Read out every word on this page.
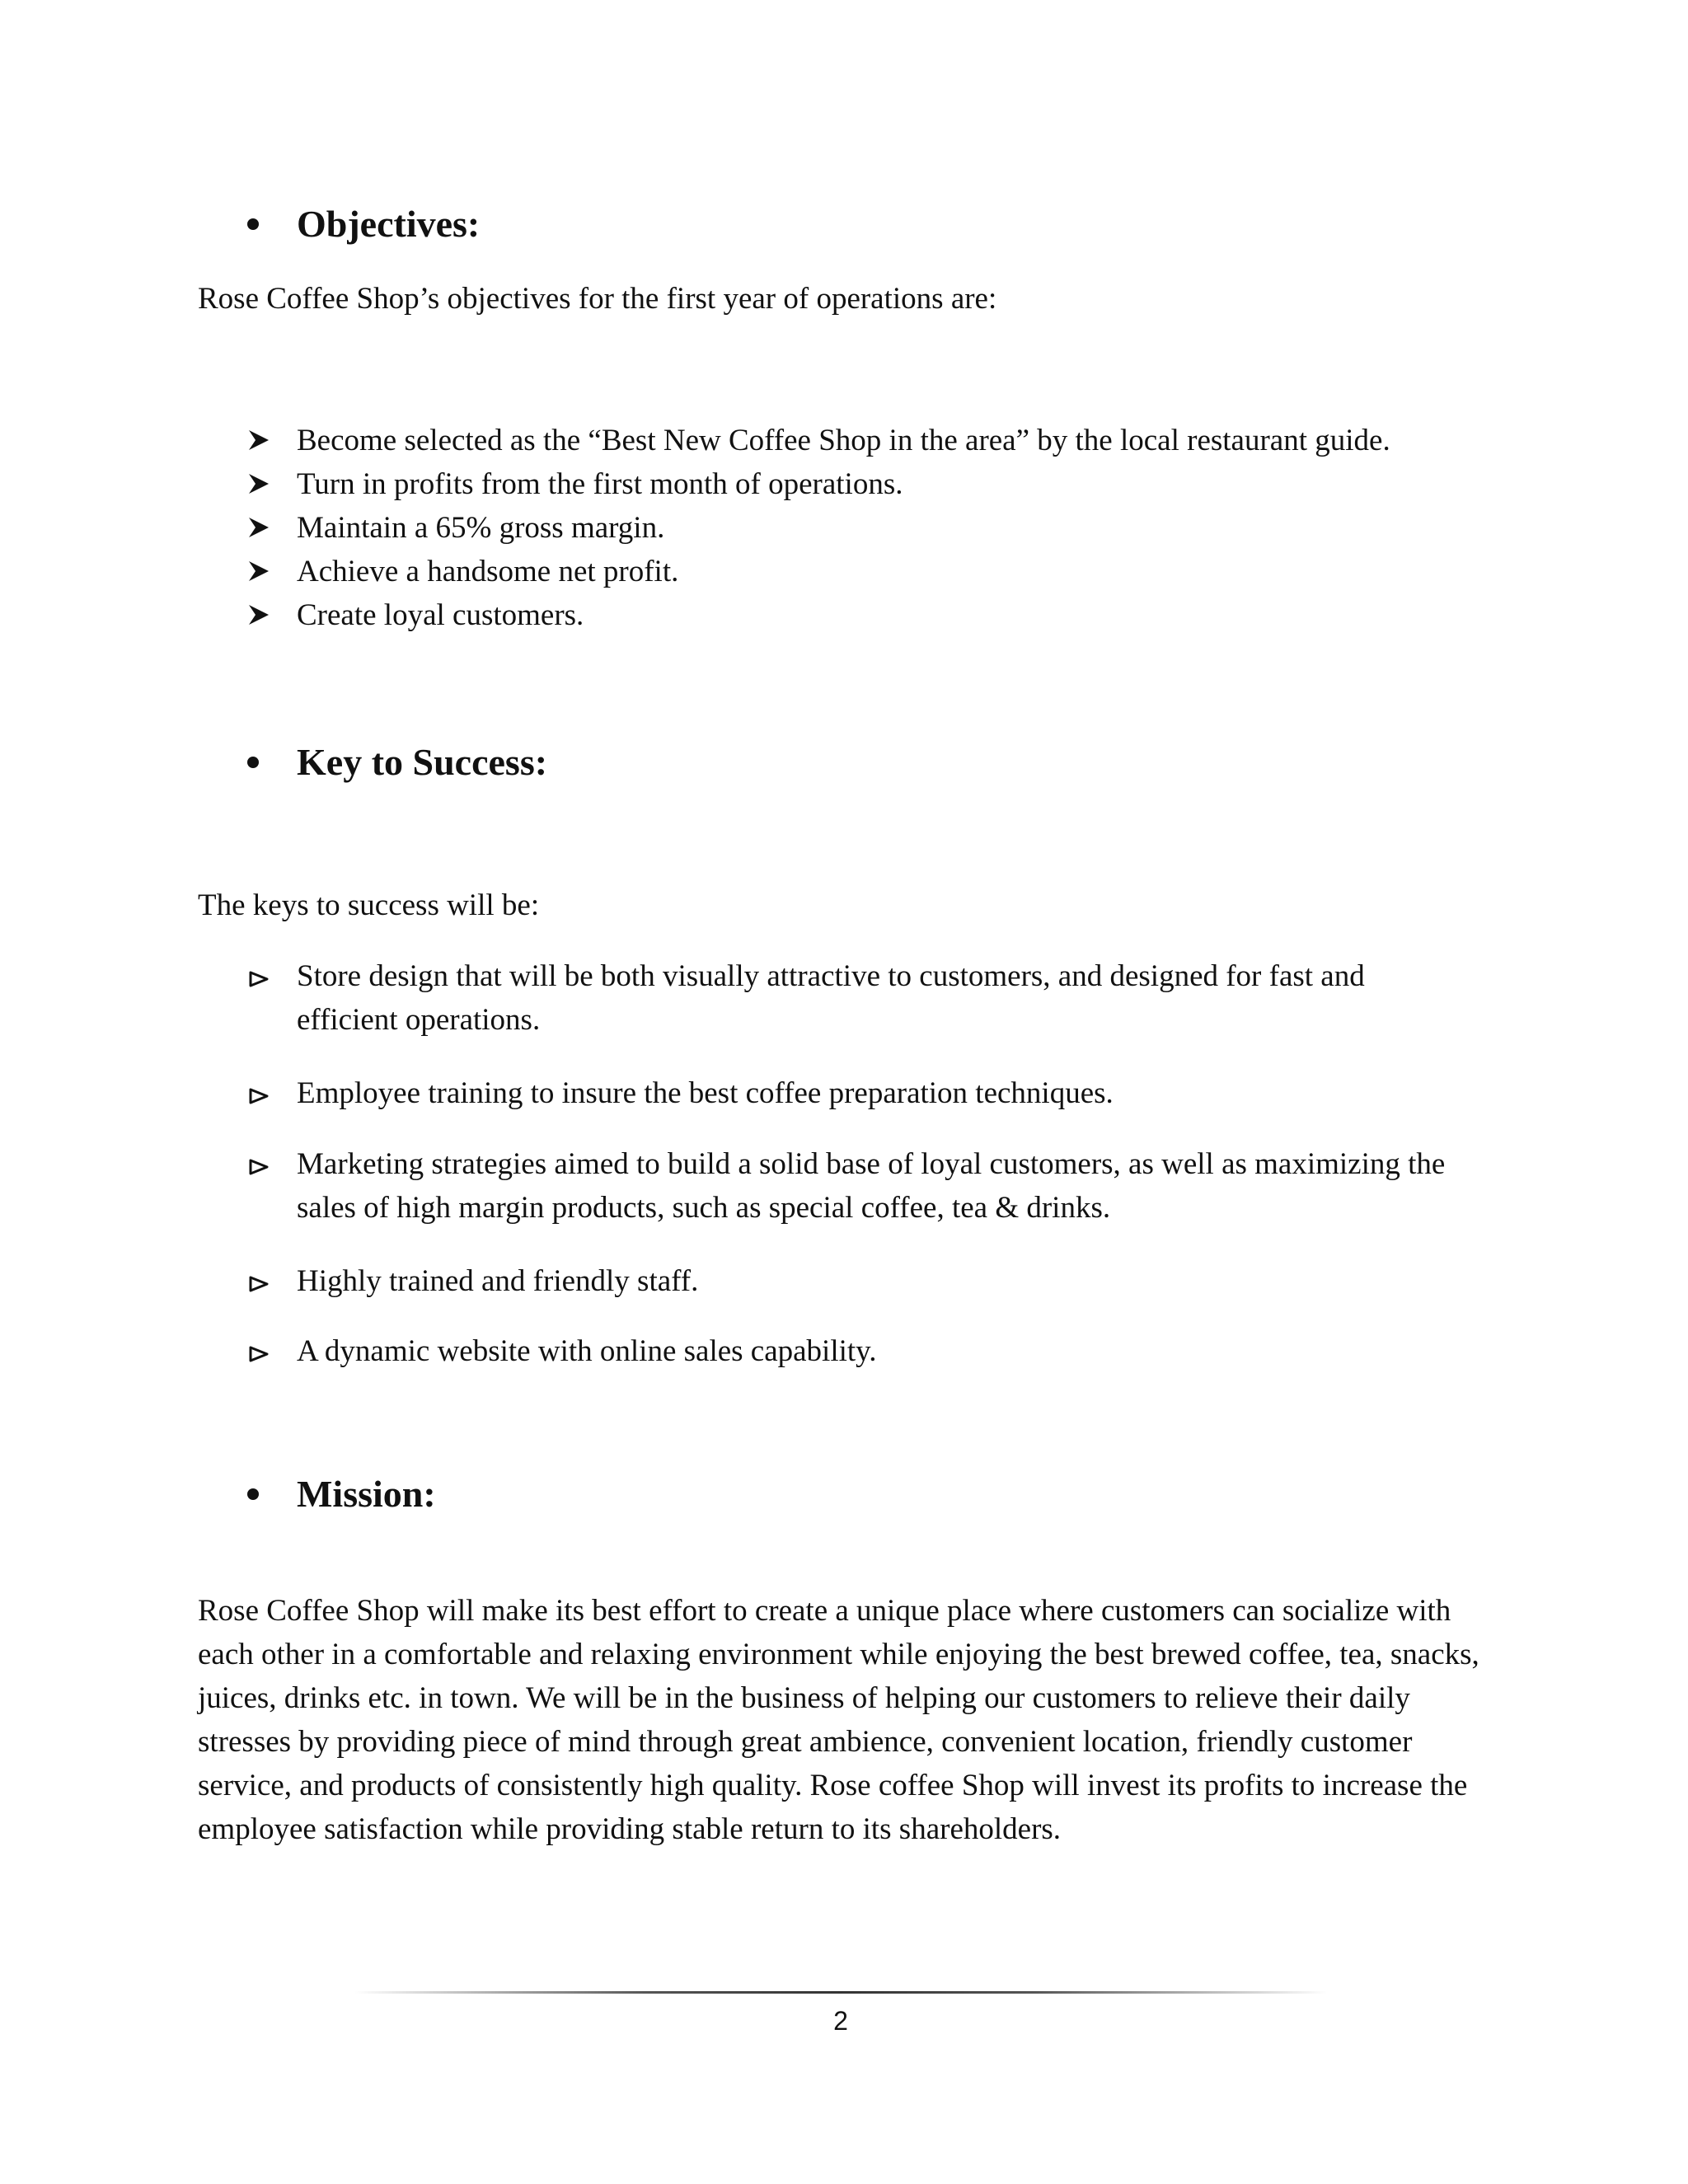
Objectives:
Rose Coffee Shop’s objectives for the first year of operations are:
Become selected as the “Best New Coffee Shop in the area” by the local restaurant guide.
Turn in profits from the first month of operations.
Maintain a 65% gross margin.
Achieve a handsome net profit.
Create loyal customers.
Key to Success:
The keys to success will be:
Store design that will be both visually attractive to customers, and designed for fast and efficient operations.
Employee training to insure the best coffee preparation techniques.
Marketing strategies aimed to build a solid base of loyal customers, as well as maximizing the sales of high margin products, such as special coffee, tea & drinks.
Highly trained and friendly staff.
A dynamic website with online sales capability.
Mission:
Rose Coffee Shop will make its best effort to create a unique place where customers can socialize with each other in a comfortable and relaxing environment while enjoying the best brewed coffee, tea, snacks, juices, drinks etc. in town. We will be in the business of helping our customers to relieve their daily stresses by providing piece of mind through great ambience, convenient location, friendly customer service, and products of consistently high quality. Rose coffee Shop will invest its profits to increase the employee satisfaction while providing stable return to its shareholders.
2
